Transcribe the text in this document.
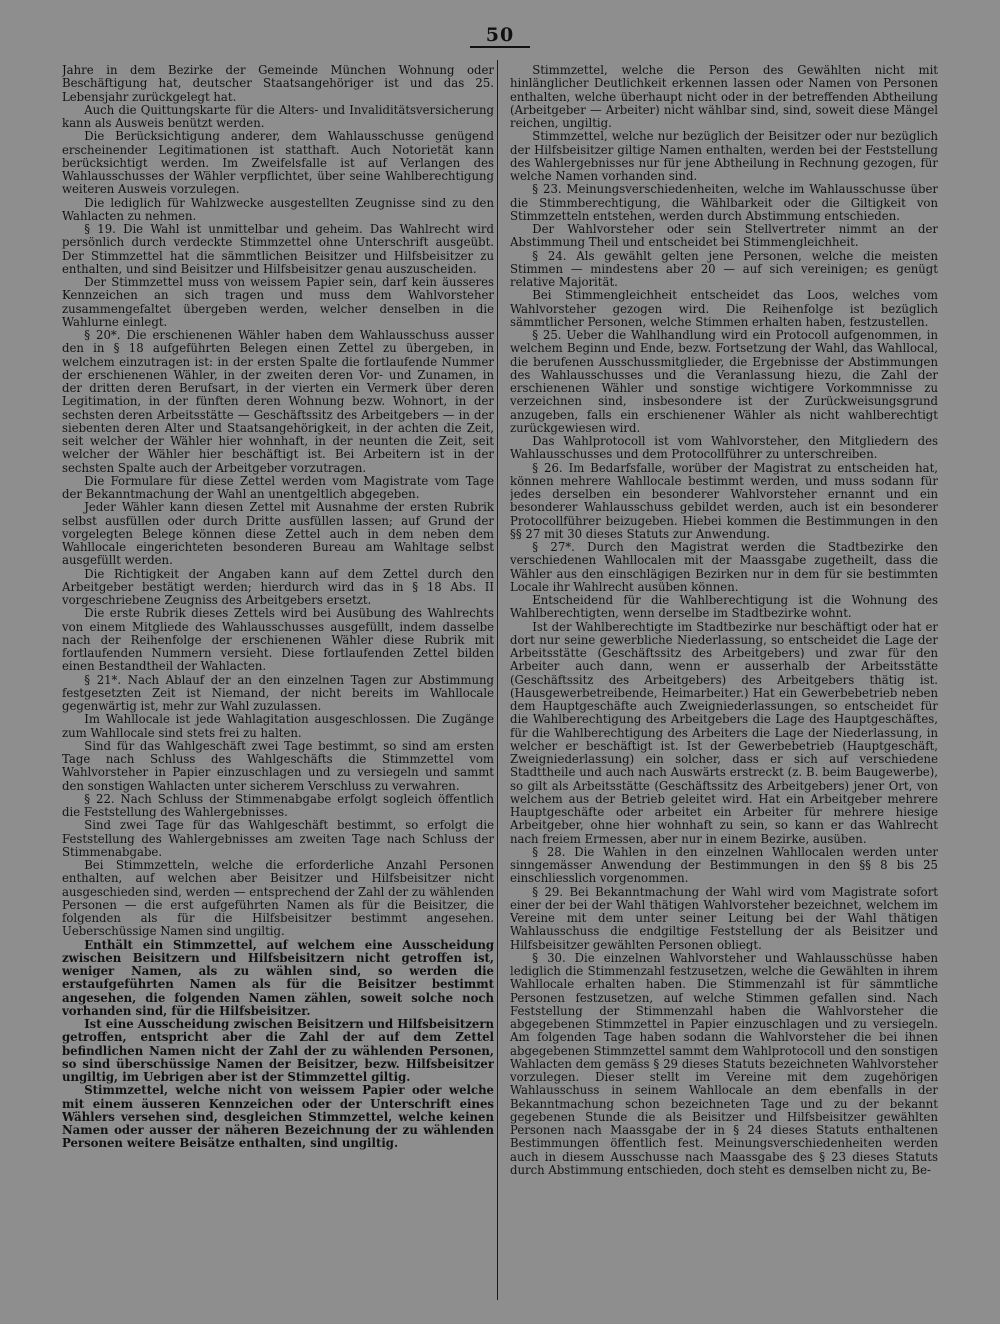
50

Jahre in dem Bezirke der Gemeinde München Wohnung oder Beschäftigung hat, deutscher Staatsangehöriger ist und das 25. Lebensjahr zurückgelegt hat.

Auch die Quittungskarte für die Alters- und Invaliditätsversicherung kann als Ausweis benützt werden.

Die Berücksichtigung anderer, dem Wahlausschusse genügend erscheinender Legitimationen ist statthaft. Auch Notorietät kann berücksichtigt werden. Im Zweifelsfalle ist auf Verlangen des Wahlausschusses der Wähler verpflichtet, über seine Wahlberechtigung weiteren Ausweis vorzulegen.

Die lediglich für Wahlzwecke ausgestellten Zeugnisse sind zu den Wahlacten zu nehmen.

§ 19. Die Wahl ist unmittelbar und geheim. Das Wahlrecht wird persönlich durch verdeckte Stimmzettel ohne Unterschrift ausgeübt. Der Stimmzettel hat die sämmtlichen Beisitzer und Hilfsbeisitzer zu enthalten, und sind Beisitzer und Hilfsbeisitzer genau auszuscheiden.

Der Stimmzettel muss von weissem Papier sein, darf kein äusseres Kennzeichen an sich tragen und muss dem Wahlvorsteher zusammengefaltet übergeben werden, welcher denselben in die Wahlurne einlegt.

§ 20*. Die erschienenen Wähler haben dem Wahlausschuss ausser den in § 18 aufgeführten Belegen einen Zettel zu übergeben, in welchem einzutragen ist: in der ersten Spalte die fortlaufende Nummer der erschienenen Wähler, in der zweiten deren Vor- und Zunamen, in der dritten deren Berufsart, in der vierten ein Vermerk über deren Legitimation, in der fünften deren Wohnung bezw. Wohnort, in der sechsten deren Arbeitsstätte — Geschäftssitz des Arbeitgebers — in der siebenten deren Alter und Staatsangehörigkeit, in der achten die Zeit, seit welcher der Wähler hier wohnhaft, in der neunten die Zeit, seit welcher der Wähler hier beschäftigt ist. Bei Arbeitern ist in der sechsten Spalte auch der Arbeitgeber vorzutragen.

Die Formulare für diese Zettel werden vom Magistrate vom Tage der Bekanntmachung der Wahl an unentgeltlich abgegeben.

Jeder Wähler kann diesen Zettel mit Ausnahme der ersten Rubrik selbst ausfüllen oder durch Dritte ausfüllen lassen; auf Grund der vorgelegten Belege können diese Zettel auch in dem neben dem Wahllocale eingerichteten besonderen Bureau am Wahltage selbst ausgefüllt werden.

Die Richtigkeit der Angaben kann auf dem Zettel durch den Arbeitgeber bestätigt werden; hierdurch wird das in § 18 Abs. II vorgeschriebene Zeugniss des Arbeitgebers ersetzt.

Die erste Rubrik dieses Zettels wird bei Ausübung des Wahlrechts von einem Mitgliede des Wahlausschusses ausgefüllt, indem dasselbe nach der Reihenfolge der erschienenen Wähler diese Rubrik mit fortlaufenden Nummern versieht. Diese fortlaufenden Zettel bilden einen Bestandtheil der Wahlacten.

§ 21*. Nach Ablauf der an den einzelnen Tagen zur Abstimmung festgesetzten Zeit ist Niemand, der nicht bereits im Wahllocale gegenwärtig ist, mehr zur Wahl zuzulassen.

Im Wahllocale ist jede Wahlagitation ausgeschlossen. Die Zugänge zum Wahllocale sind stets frei zu halten.

Sind für das Wahlgeschäft zwei Tage bestimmt, so sind am ersten Tage nach Schluss des Wahlgeschäfts die Stimmzettel vom Wahlvorsteher in Papier einzuschlagen und zu versiegeln und sammt den sonstigen Wahlacten unter sicherem Verschluss zu verwahren.

§ 22. Nach Schluss der Stimmenabgabe erfolgt sogleich öffentlich die Feststellung des Wahlergebnisses.

Sind zwei Tage für das Wahlgeschäft bestimmt, so erfolgt die Feststellung des Wahlergebnisses am zweiten Tage nach Schluss der Stimmenabgabe.

Bei Stimmzetteln, welche die erforderliche Anzahl Personen enthalten, auf welchen aber Beisitzer und Hilfsbeisitzer nicht ausgeschieden sind, werden — entsprechend der Zahl der zu wählenden Personen — die erst aufgeführten Namen als für die Beisitzer, die folgenden als für die Hilfsbeisitzer bestimmt angesehen. Ueberschüssige Namen sind ungiltig.

Enthält ein Stimmzettel, auf welchem eine Ausscheidung zwischen Beisitzern und Hilfsbeisitzern nicht getroffen ist, weniger Namen, als zu wählen sind, so werden die erstaufgeführten Namen als für die Beisitzer bestimmt angesehen, die folgenden Namen zählen, soweit solche noch vorhanden sind, für die Hilfsbeisitzer.

Ist eine Ausscheidung zwischen Beisitzern und Hilfsbeisitzern getroffen, entspricht aber die Zahl der auf dem Zettel befindlichen Namen nicht der Zahl der zu wählenden Personen, so sind überschüssige Namen der Beisitzer, bezw. Hilfsbeisitzer ungiltig, im Uebrigen aber ist der Stimmzettel giltig.

Stimmzettel, welche nicht von weissem Papier oder welche mit einem äusseren Kennzeichen oder der Unterschrift eines Wählers versehen sind, desgleichen Stimmzettel, welche keinen Namen oder ausser der näheren Bezeichnung der zu wählenden Personen weitere Beisätze enthalten, sind ungiltig.

Stimmzettel, welche die Person des Gewählten nicht mit hinlänglicher Deutlichkeit erkennen lassen oder Namen von Personen enthalten, welche überhaupt nicht oder in der betreffenden Abtheilung (Arbeitgeber — Arbeiter) nicht wählbar sind, sind, soweit diese Mängel reichen, ungiltig.

Stimmzettel, welche nur bezüglich der Beisitzer oder nur bezüglich der Hilfsbeisitzer giltige Namen enthalten, werden bei der Feststellung des Wahlergebnisses nur für jene Abtheilung in Rechnung gezogen, für welche Namen vorhanden sind.

§ 23. Meinungsverschiedenheiten, welche im Wahlausschusse über die Stimmberechtigung, die Wählbarkeit oder die Giltigkeit von Stimmzetteln entstehen, werden durch Abstimmung entschieden.

Der Wahlvorsteher oder sein Stellvertreter nimmt an der Abstimmung Theil und entscheidet bei Stimmengleichheit.

§ 24. Als gewählt gelten jene Personen, welche die meisten Stimmen — mindestens aber 20 — auf sich vereinigen; es genügt relative Majorität.

Bei Stimmengleichheit entscheidet das Loos, welches vom Wahlvorsteher gezogen wird. Die Reihenfolge ist bezüglich sämmtlicher Personen, welche Stimmen erhalten haben, festzustellen.

§ 25. Ueber die Wahlhandlung wird ein Protocoll aufgenommen, in welchem Beginn und Ende, bezw. Fortsetzung der Wahl, das Wahllocal, die berufenen Ausschussmitglieder, die Ergebnisse der Abstimmungen des Wahlausschusses und die Veranlassung hiezu, die Zahl der erschienenen Wähler und sonstige wichtigere Vorkommnisse zu verzeichnen sind, insbesondere ist der Zurückweisungsgrund anzugeben, falls ein erschienener Wähler als nicht wahlberechtigt zurückgewiesen wird.

Das Wahlprotocoll ist vom Wahlvorsteher, den Mitgliedern des Wahlausschusses und dem Protocollführer zu unterschreiben.

§ 26. Im Bedarfsfalle, worüber der Magistrat zu entscheiden hat, können mehrere Wahllocale bestimmt werden, und muss sodann für jedes derselben ein besonderer Wahlvorsteher ernannt und ein besonderer Wahlausschuss gebildet werden, auch ist ein besonderer Protocollführer beizugeben. Hiebei kommen die Bestimmungen in den §§ 27 mit 30 dieses Statuts zur Anwendung.

§ 27*. Durch den Magistrat werden die Stadtbezirke den verschiedenen Wahllocalen mit der Maassgabe zugetheilt, dass die Wähler aus den einschlägigen Bezirken nur in dem für sie bestimmten Locale ihr Wahlrecht ausüben können.

Entscheidend für die Wahlberechtigung ist die Wohnung des Wahlberechtigten, wenn derselbe im Stadtbezirke wohnt.

Ist der Wahlberechtigte im Stadtbezirke nur beschäftigt oder hat er dort nur seine gewerbliche Niederlassung, so entscheidet die Lage der Arbeitsstätte (Geschäftssitz des Arbeitgebers) und zwar für den Arbeiter auch dann, wenn er ausserhalb der Arbeitsstätte (Geschäftssitz des Arbeitgebers) des Arbeitgebers thätig ist. (Hausgewerbetreibende, Heimarbeiter.) Hat ein Gewerbebetrieb neben dem Hauptgeschäfte auch Zweigniederlassungen, so entscheidet für die Wahlberechtigung des Arbeitgebers die Lage des Hauptgeschäftes, für die Wahlberechtigung des Arbeiters die Lage der Niederlassung, in welcher er beschäftigt ist. Ist der Gewerbebetrieb (Hauptgeschäft, Zweigniederlassung) ein solcher, dass er sich auf verschiedene Stadttheile und auch nach Auswärts erstreckt (z. B. beim Baugewerbe), so gilt als Arbeitsstätte (Geschäftssitz des Arbeitgebers) jener Ort, von welchem aus der Betrieb geleitet wird. Hat ein Arbeitgeber mehrere Hauptgeschäfte oder arbeitet ein Arbeiter für mehrere hiesige Arbeitgeber, ohne hier wohnhaft zu sein, so kann er das Wahlrecht nach freiem Ermessen, aber nur in einem Bezirke, ausüben.

§ 28. Die Wahlen in den einzelnen Wahllocalen werden unter sinngemässer Anwendung der Bestimmungen in den §§ 8 bis 25 einschliesslich vorgenommen.

§ 29. Bei Bekanntmachung der Wahl wird vom Magistrate sofort einer der bei der Wahl thätigen Wahlvorsteher bezeichnet, welchem im Vereine mit dem unter seiner Leitung bei der Wahl thätigen Wahlausschuss die endgiltige Feststellung der als Beisitzer und Hilfsbeisitzer gewählten Personen obliegt.

§ 30. Die einzelnen Wahlvorsteher und Wahlausschüsse haben lediglich die Stimmenzahl festzusetzen, welche die Gewählten in ihrem Wahllocale erhalten haben. Die Stimmenzahl ist für sämmtliche Personen festzusetzen, auf welche Stimmen gefallen sind. Nach Feststellung der Stimmenzahl haben die Wahlvorsteher die abgegebenen Stimmzettel in Papier einzuschlagen und zu versiegeln. Am folgenden Tage haben sodann die Wahlvorsteher die bei ihnen abgegebenen Stimmzettel sammt dem Wahlprotocoll und den sonstigen Wahlacten dem gemäss § 29 dieses Statuts bezeichneten Wahlvorsteher vorzulegen. Dieser stellt im Vereine mit dem zugehörigen Wahlausschuss in seinem Wahllocale an dem ebenfalls in der Bekanntmachung schon bezeichneten Tage und zu der bekannt gegebenen Stunde die als Beisitzer und Hilfsbeisitzer gewählten Personen nach Maassgabe der in § 24 dieses Statuts enthaltenen Bestimmungen öffentlich fest. Meinungsverschiedenheiten werden auch in diesem Ausschusse nach Maassgabe des § 23 dieses Statuts durch Abstimmung entschieden, doch steht es demselben nicht zu, Be-
